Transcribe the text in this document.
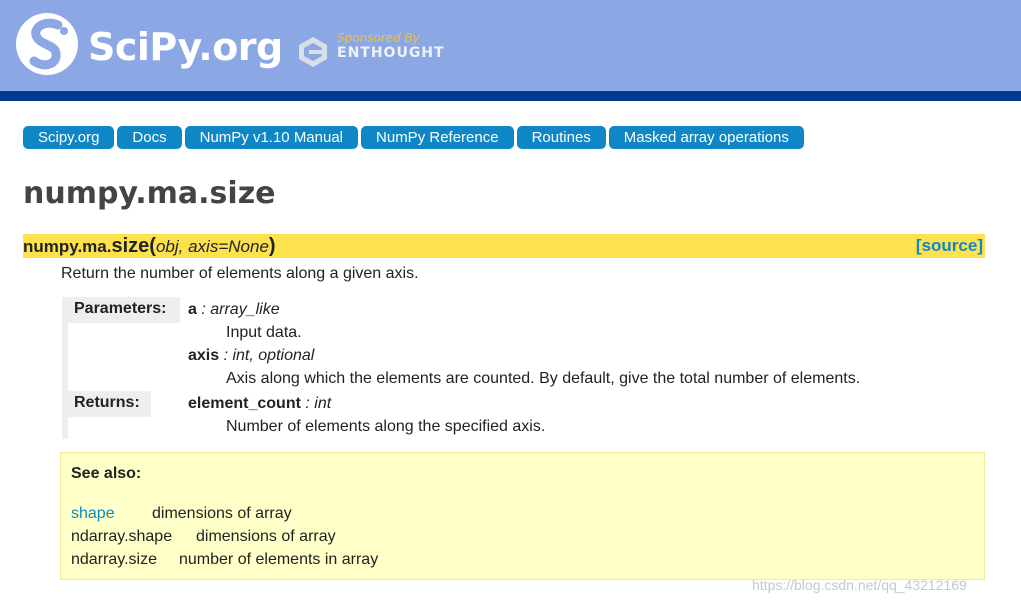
SciPy.org	Sponsored By
ENTHOUGHT
Scipy.org	Docs	NumPy v1.10 Manual	NumPy Reference	Routines	Masked array operations
numpy.ma.size
numpy.ma.size(obj, axis=None)	[source]
Return the number of elements along a given axis.
Parameters:	a : array_like
Input data.
axis : int, optional
Axis along which the elements are counted. By default, give the total number of elements.
Returns:	element_count : int
Number of elements along the specified axis.
See also:
shape dimensions of array
ndarray.shape dimensions of array
ndarray.size number of elements in array
https://blog.csdn.net/qq_43212169
